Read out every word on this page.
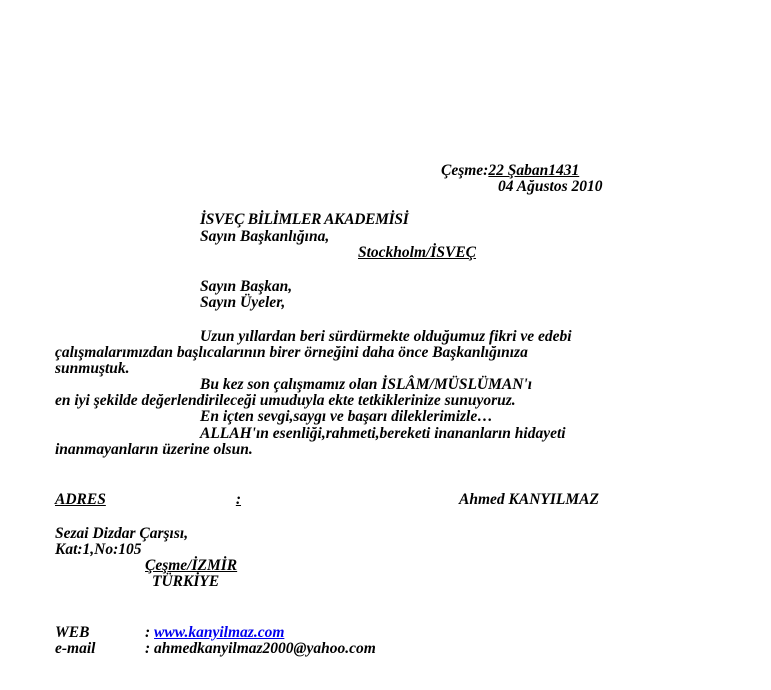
Çeşme:22 Şaban1431
04 Ağustos 2010
İSVEÇ BİLİMLER AKADEMİSİ
Sayın Başkanlığına,
Stockholm/İSVEÇ
Sayın Başkan,
Sayın Üyeler,
Uzun yıllardan beri sürdürmekte olduğumuz fikri ve edebi
çalışmalarımızdan başlıcalarının birer örneğini daha önce Başkanlığınıza
sunmuştuk.
Bu kez son çalışmamız olan İSLÂM/MÜSLÜMAN'ı
en iyi şekilde değerlendirileceği umuduyla ekte tetkiklerinize sunuyoruz.
En içten sevgi,saygı ve başarı dileklerimizle…
ALLAH'ın esenliği,rahmeti,bereketi inananların hidayeti
inanmayanların üzerine olsun.
ADRES	:	Ahmed KANYILMAZ
Sezai Dizdar Çarşısı,
Kat:1,No:105
Çeşme/İZMİR
TÜRKİYE
WEB	: www.kanyilmaz.com
e-mail	: ahmedkanyilmaz2000@yahoo.com
